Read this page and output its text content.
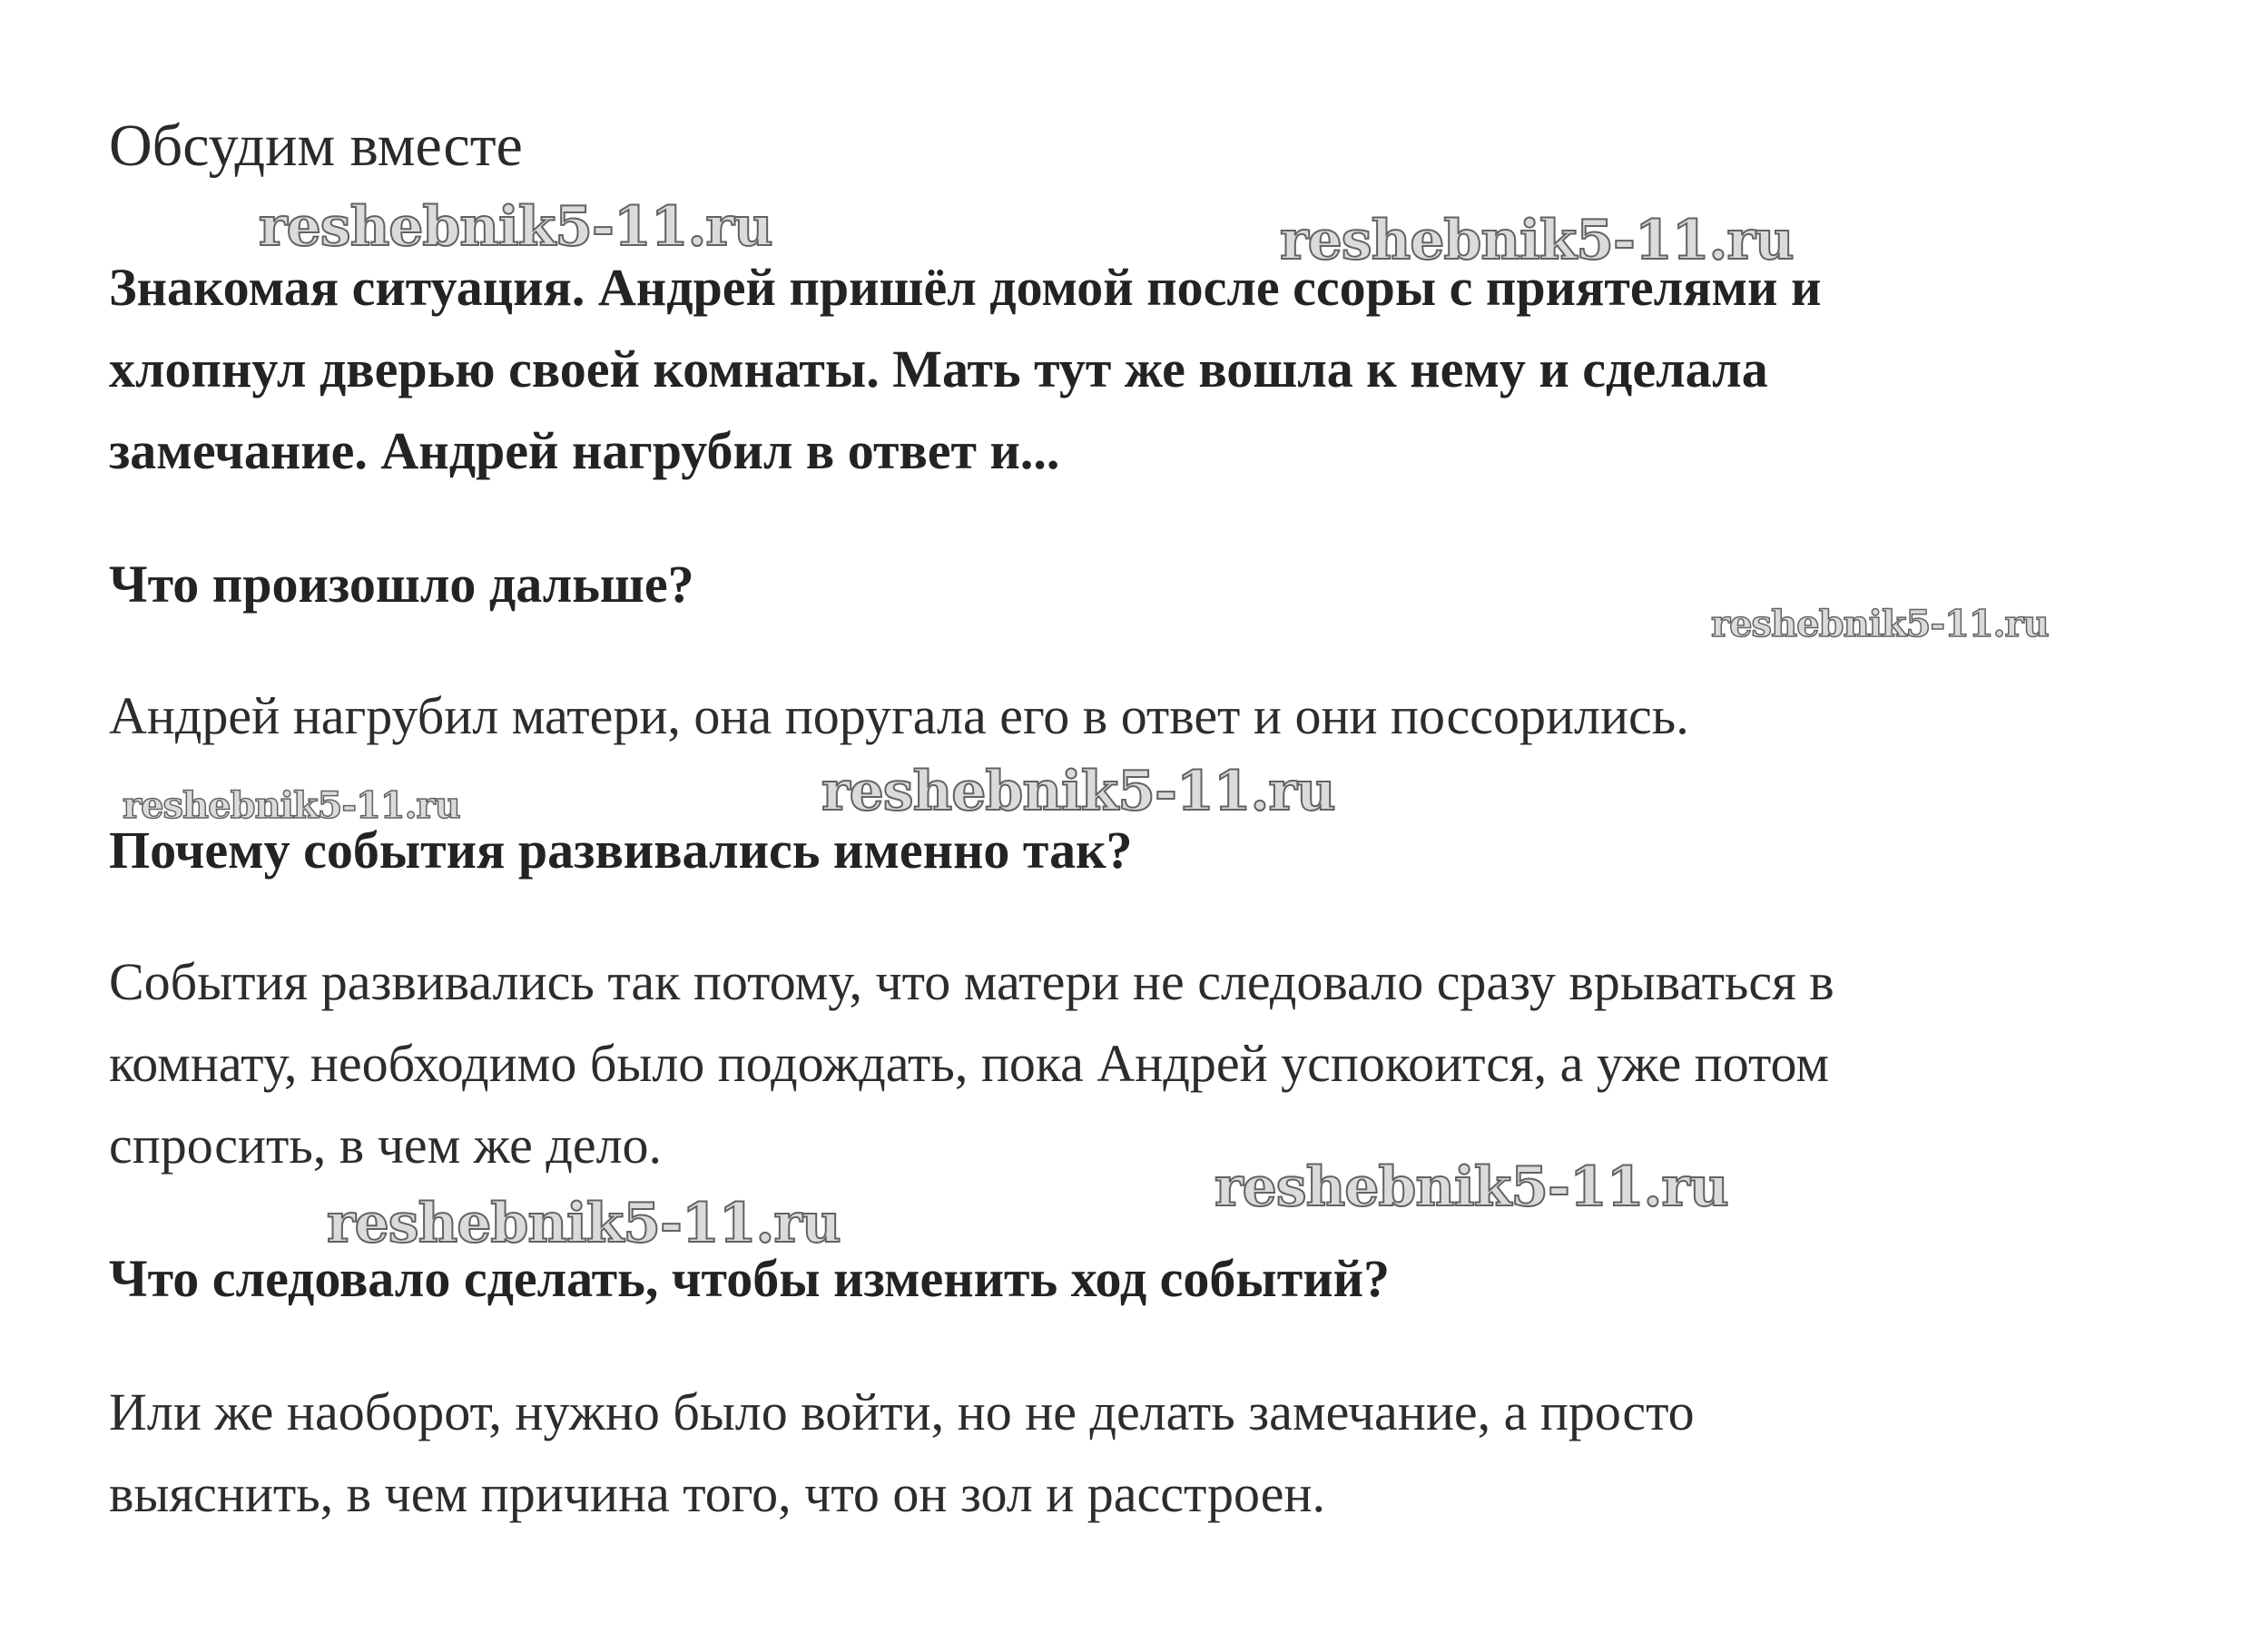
Обсудим вместе

Знакомая ситуация. Андрей пришёл домой после ссоры с приятелями и

хлопнул дверью своей комнаты. Мать тут же вошла к нему и сделала

замечание. Андрей нагрубил в ответ и...

Что произошло дальше?

Андрей нагрубил матери, она поругала его в ответ и они поссорились.

Почему события развивались именно так?

События развивались так потому, что матери не следовало сразу врываться в

комнату, необходимо было подождать, пока Андрей успокоится, а уже потом

спросить, в чем же дело.

Что следовало сделать, чтобы изменить ход событий?

Или же наоборот, нужно было войти, но не делать замечание, а просто

выяснить, в чем причина того, что он зол и расстроен.

reshebnik5-11.ru	reshebnik5-11.ru
reshebnik5-11.ru
reshebnik5-11.ru	reshebnik5-11.ru
reshebnik5-11.ru
reshebnik5-11.ru
